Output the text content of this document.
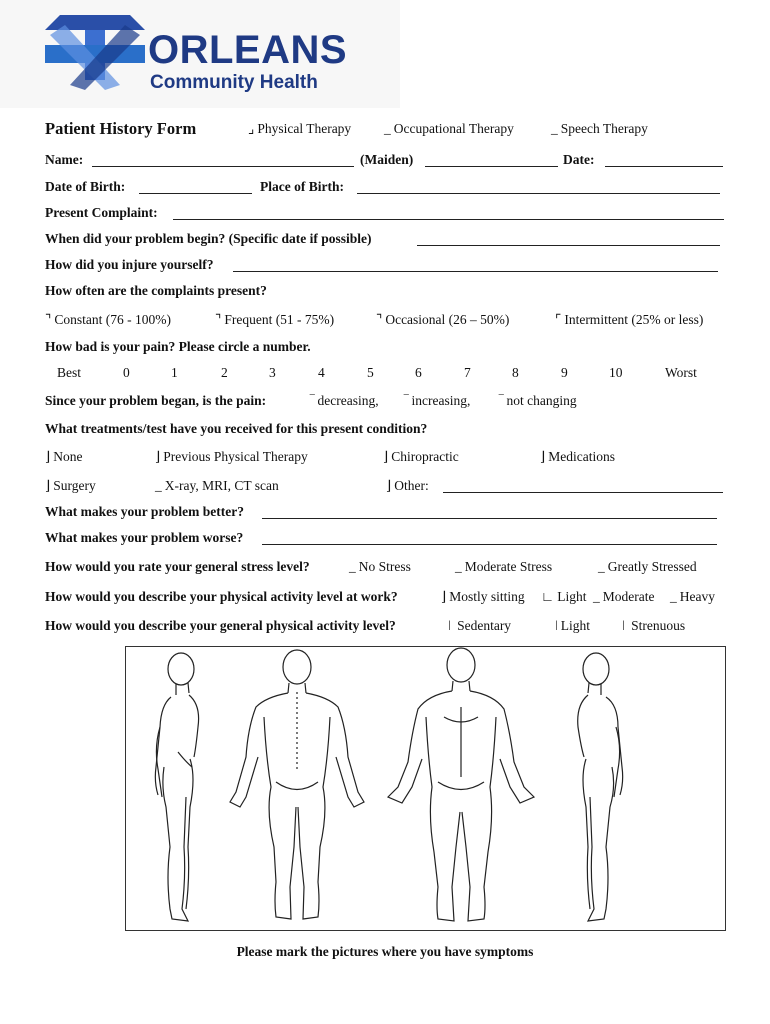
ORLEANS
Community Health
Patient History Form	⌟ Physical Therapy _ Occupational Therapy	_ Speech Therapy
Name:	(Maiden)	Date:
Date of Birth:	Place of Birth:
Present Complaint:
When did your problem begin? (Specific date if possible)
How did you injure yourself?
How often are the complaints present?
⌝ Constant (76 - 100%)	⌝ Frequent (51 - 75%)	⌝ Occasional (26 – 50%)	⌜ Intermittent (25% or less)
How bad is your pain? Please circle a number.
Best	0	1	2	3	4	5	6	7	8	9	10	Worst
Since your problem began, is the pain:	‾ decreasing, ‾ increasing, ‾ not changing
What treatments/test have you received for this present condition?
⌋ None	⌋ Previous Physical Therapy	⌋ Chiropractic	⌋ Medications
⌋ Surgery	_ X-ray, MRI, CT scan	⌋ Other:
What makes your problem better?
What makes your problem worse?
How would you rate your general stress level?	_ No Stress	_ Moderate Stress	_ Greatly Stressed
How would you describe your physical activity level at work?	⌋ Mostly sitting ∟ Light _ Moderate _ Heavy
How would you describe your general physical activity level?	ǀ Sedentary	ǀ Light ǀ Strenuous
Please mark the pictures where you have symptoms
